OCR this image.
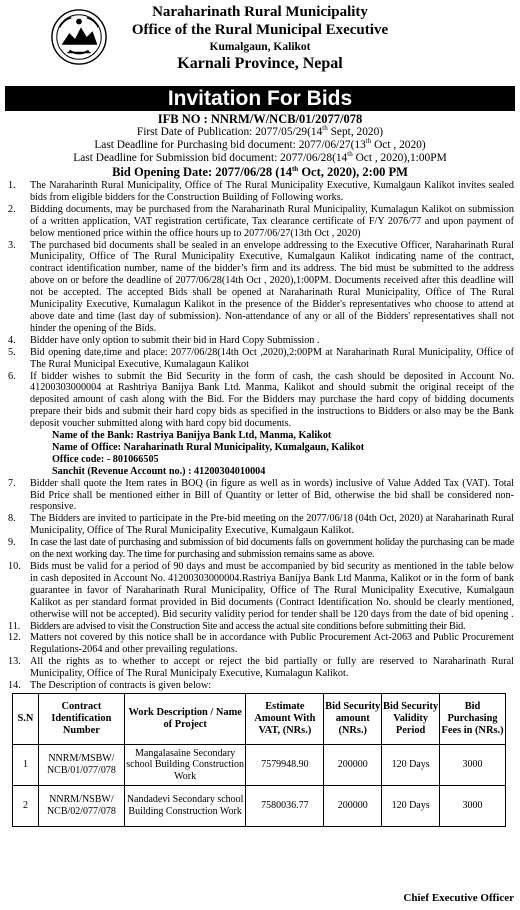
Naraharinath Rural Municipality
Office of the Rural Municipal Executive
Kumalgaun, Kalikot
Karnali Province, Nepal
Invitation For Bids
IFB NO : NNRM/W/NCB/01/2077/078
First Date of Publication: 2077/05/29(14th Sept, 2020)
Last Deadline for Purchasing bid document: 2077/06/27(13th Oct , 2020)
Last Deadline for Submission bid document: 2077/06/28(14th Oct , 2020),1:00PM
Bid Opening Date: 2077/06/28 (14th Oct, 2020), 2:00 PM
1.	The Naraharinth Rural Municipality, Office of The Rural Municipality Executive, Kumalgaun Kalikot invites sealed bids from eligible bidders for the Construction Building of Following works.
2.	Bidding documents, may be purchased from the Naraharinath Rural Municipality, Kumalagun Kalikot on submission of a written application, VAT registration certificate, Tax clearance certificate of F/Y 2076/77 and upon payment of below mentioned price within the office hours up to 2077/06/27(13th Oct , 2020)
3.	The purchased bid documents shall be sealed in an envelope addressing to the Executive Officer, Naraharinath Rural Municipality, Office of The Rural Municipality Executive, Kumalgaun Kalikot indicating name of the contract, contract identification number, name of the bidder’s firm and its address. The bid must be submitted to the address above on or before the deadline of 2077/06/28(14th Oct , 2020),1:00PM. Documents received after this deadline will not be accepted. The accepted Bids shall be opened at Naraharinath Rural Municipality, Office of The Rural Municipality Executive, Kumalagun Kalikot in the presence of the Bidder's representatives who choose to attend at above date and time (last day of submission). Non-attendance of any or all of the Bidders' representatives shall not hinder the opening of the Bids.
4.	Bidder have only option to submit their bid in Hard Copy Submission .
5.	Bid opening date,time and place: 2077/06/28(14th Oct ,2020),2:00PM at Naraharinath Rural Municipality, Office of The Rural Municipal Executive, Kumalagaun Kalikot
6.	If bidder wishes to submit the Bid Security in the form of cash, the cash should be deposited in Account No. 41200303000004 at Rashtriya Banijya Bank Ltd. Manma, Kalikot and should submit the original receipt of the deposited amount of cash along with the Bid. For the Bidders may purchase the hard copy of bidding documents prepare their bids and submit their hard copy bids as specified in the instructions to Bidders or also may be the Bank deposit voucher submitted along with hard copy bid documents.
Name of the Bank: Rastriya Banijya Bank Ltd, Manma, Kalikot
Name of Office: Naraharinath Rural Municipality, Kumalgaun, Kalikot
Office code: - 801066505
Sanchit (Revenue Account no.) : 41200304010004
7.	Bidder shall quote the Item rates in BOQ (in figure as well as in words) inclusive of Value Added Tax (VAT). Total Bid Price shall be mentioned either in Bill of Quantity or letter of Bid, otherwise the bid shall be considered non-responsive.
8.	The Bidders are invited to participate in the Pre-bid meeting on the 2077/06/18 (04th Oct, 2020) at Naraharinath Rural Municipality, Office of The Rural Municipality Executive, Kumalgaun Kalikot.
9.	In case the last date of purchasing and submission of bid documents falls on government holiday the purchasing can be made on the next working day. The time for purchasing and submission remains same as above.
10. Bids must be valid for a period of 90 days and must be accompanied by bid security as mentioned in the table below in cash deposited in Account No. 41200303000004.Rastriya Banijya Bank Ltd Manma, Kalikot or in the form of bank guarantee in favor of Naraharinath Rural Municipality, Office of The Rural Municipality Executive, Kumalgaun Kalikot as per standard format provided in Bid documents (Contract Identification No. should be clearly mentioned, otherwise will not be accepted). Bid security validity period for tender shall be 120 days from the date of bid opening .
11. Bidders are advised to visit the Construction Site and access the actual site conditions before submitting their Bid.
12. Matters not covered by this notice shall be in accordance with Public Procurement Act-2063 and Public Procurement Regulations-2064 and other prevailing regulations.
13. All the rights as to whether to accept or reject the bid partially or fully are reserved to Naraharinath Rural Municipality, Office of The Rural Municipaly Executive, Kumalagun Kalikot.
14. The Description of contracts is given below:
S.N	Contract Identification Number	Work Description / Name of Project	Estimate Amount With VAT, (NRs.)	Bid Security amount (NRs.)	Bid Security Validity Period	Bid Purchasing Fees in (NRs.)
1	NNRM/MSBW/ NCB/01/077/078	Mangalasaine Secondary school Building Construction Work	7579948.90	200000	120 Days	3000
2	NNRM/NSBW/ NCB/02/077/078	Nandadevi Secondary school Building Construction Work	7580036.77	200000	120 Days	3000
Chief Executive Officer
